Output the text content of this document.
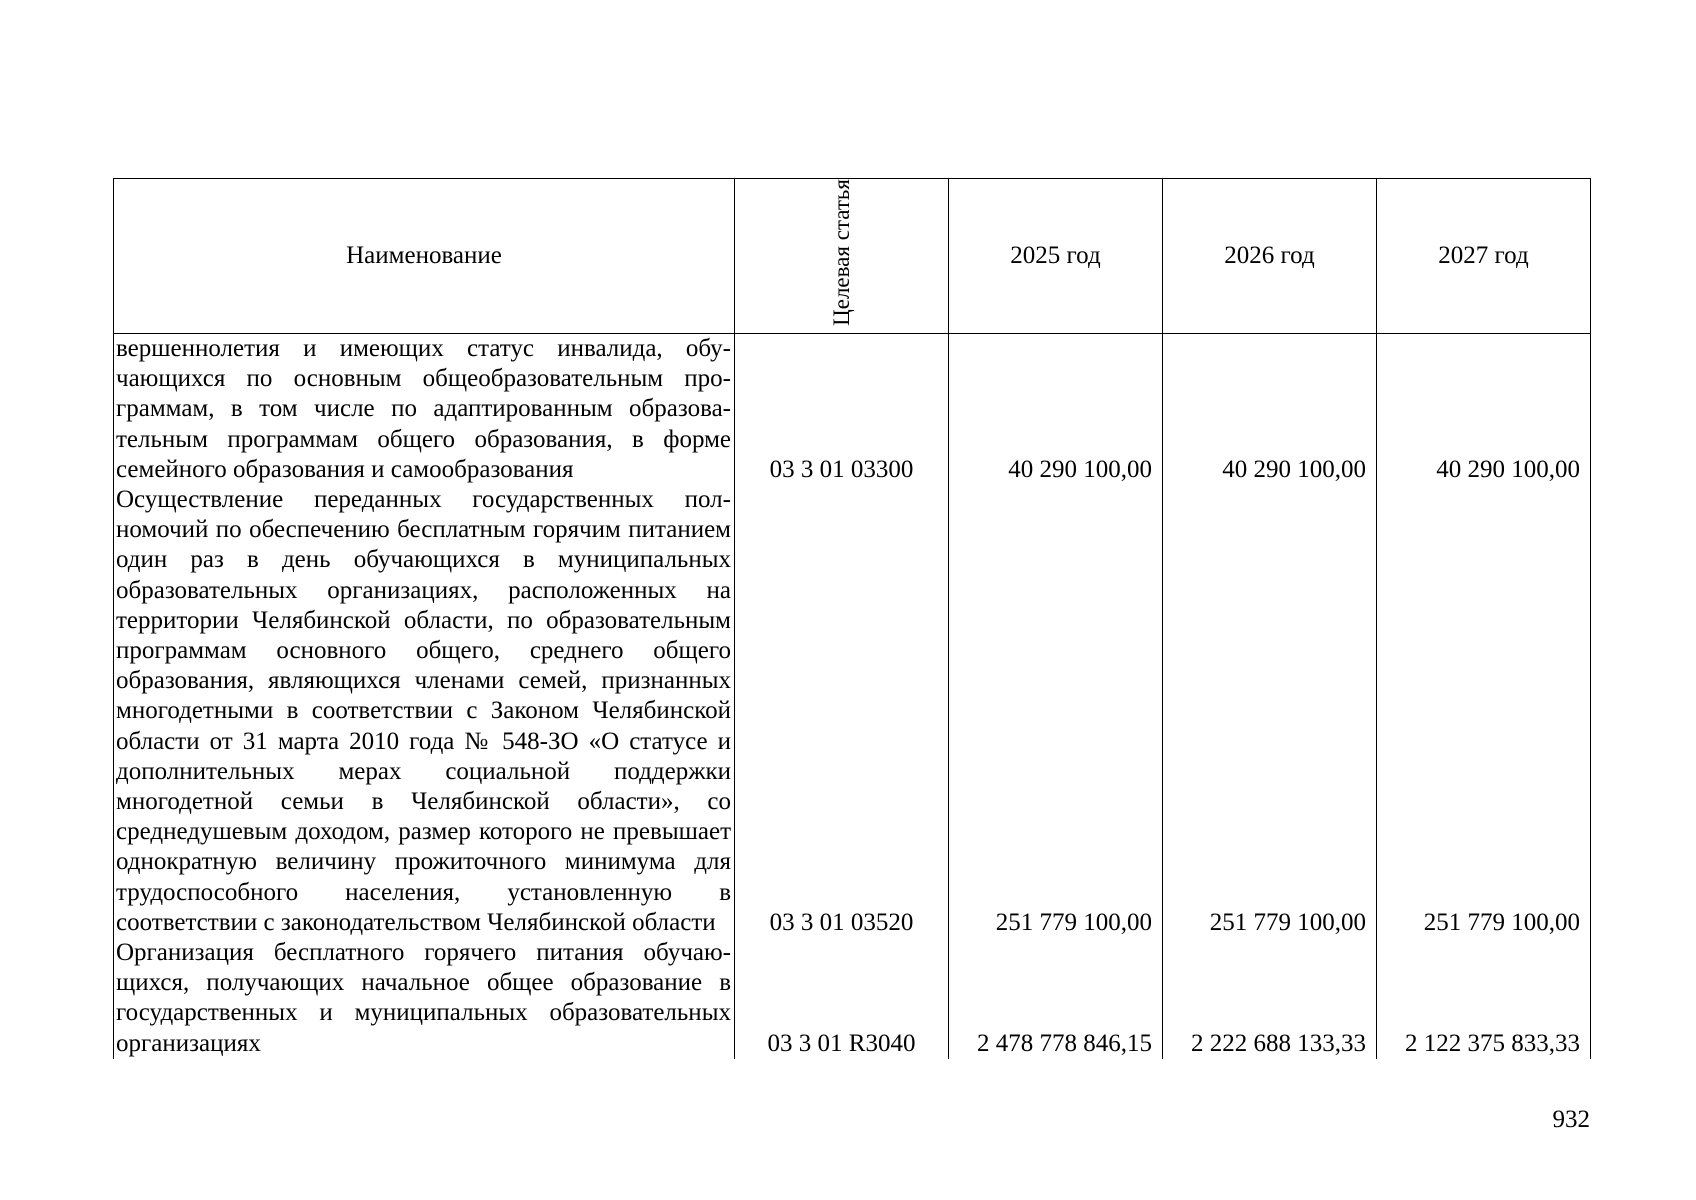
Наименование	Целевая статья	2025 год	2026 год	2027 год
вершеннолетия и имеющих статус инвалида, обучающихся по основным общеобразовательным программам, в том числе по адаптированным образовательным программам общего образования, в форме семейного образования и самообразования	03 3 01 03300	40 290 100,00	40 290 100,00	40 290 100,00
Осуществление переданных государственных полномочий по обеспечению бесплатным горячим питанием один раз в день обучающихся в муниципальных образовательных организациях, расположенных на территории Челябинской области, по образовательным программам основного общего, среднего общего образования, являющихся членами семей, признанных многодетными в соответствии с Законом Челябинской области от 31 марта 2010 года № 548-ЗО «О статусе и дополнительных мерах социальной поддержки многодетной семьи в Челябинской области», со среднедушевым доходом, размер которого не превышает однократную величину прожиточного минимума для трудоспособного населения, установленную в соответствии с законодательством Челябинской области	03 3 01 03520	251 779 100,00	251 779 100,00	251 779 100,00
Организация бесплатного горячего питания обучающихся, получающих начальное общее образование в государственных и муниципальных образовательных организациях	03 3 01 R3040	2 478 778 846,15	2 222 688 133,33	2 122 375 833,33
932
